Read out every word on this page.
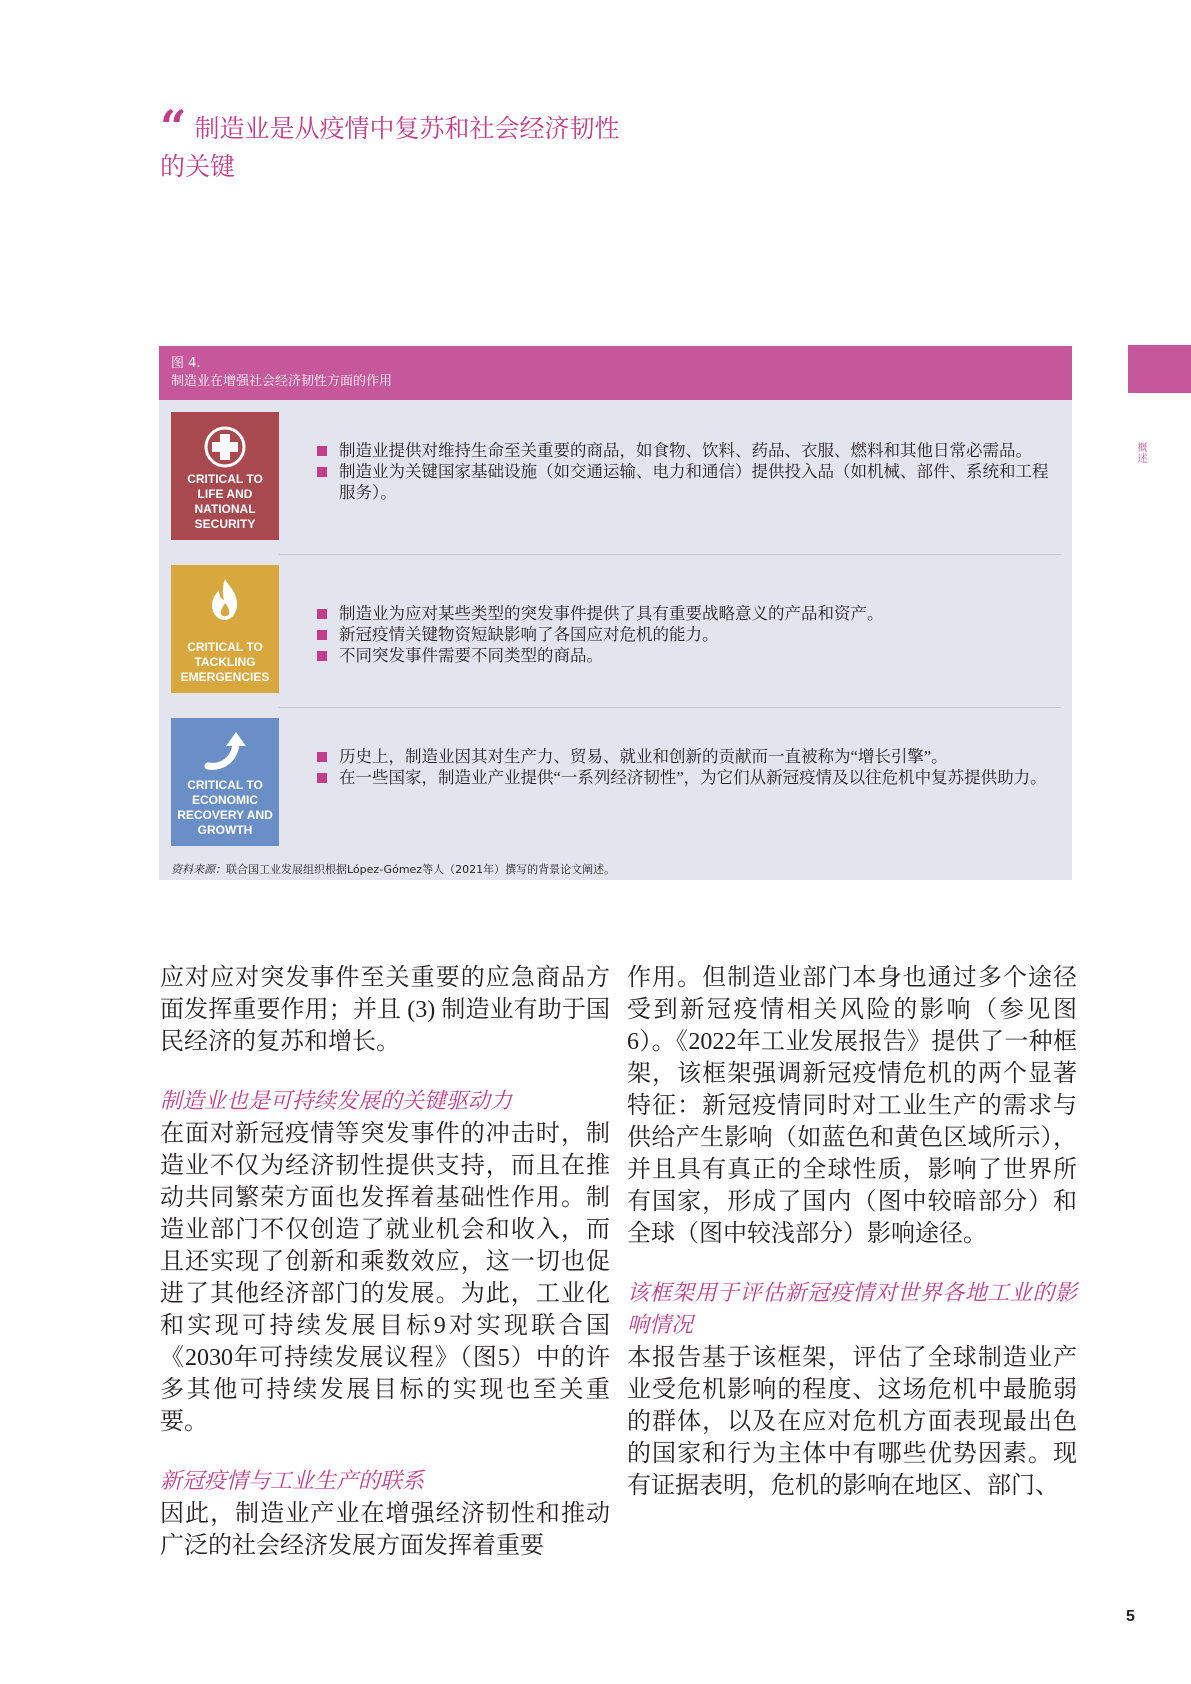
“ 制造业是从疫情中复苏和社会经济韧性的关键
概述
图 4.
制造业在增强社会经济韧性方面的作用
CRITICAL TO LIFE AND NATIONAL SECURITY
制造业提供对维持生命至关重要的商品，如食物、饮料、药品、衣服、燃料和其他日常必需品。
制造业为关键国家基础设施（如交通运输、电力和通信）提供投入品（如机械、部件、系统和工程服务）。
CRITICAL TO TACKLING EMERGENCIES
制造业为应对某些类型的突发事件提供了具有重要战略意义的产品和资产。
新冠疫情关键物资短缺影响了各国应对危机的能力。
不同突发事件需要不同类型的商品。
CRITICAL TO ECONOMIC RECOVERY AND GROWTH
历史上，制造业因其对生产力、贸易、就业和创新的贡献而一直被称为“增长引擎”。
在一些国家，制造业产业提供“一系列经济韧性”，为它们从新冠疫情及以往危机中复苏提供助力。
资料来源：联合国工业发展组织根据López-Gómez等人（2021年）撰写的背景论文阐述。

应对应对突发事件至关重要的应急商品方面发挥重要作用；并且 (3) 制造业有助于国民经济的复苏和增长。

制造业也是可持续发展的关键驱动力

在面对新冠疫情等突发事件的冲击时，制造业不仅为经济韧性提供支持，而且在推动共同繁荣方面也发挥着基础性作用。制造业部门不仅创造了就业机会和收入，而且还实现了创新和乘数效应，这一切也促进了其他经济部门的发展。为此，工业化和实现可持续发展目标9对实现联合国《2030年可持续发展议程》（图5）中的许多其他可持续发展目标的实现也至关重要。

新冠疫情与工业生产的联系

因此，制造业产业在增强经济韧性和推动广泛的社会经济发展方面发挥着重要

作用。但制造业部门本身也通过多个途径受到新冠疫情相关风险的影响（参见图6）。《2022年工业发展报告》提供了一种框架，该框架强调新冠疫情危机的两个显著特征：新冠疫情同时对工业生产的需求与供给产生影响（如蓝色和黄色区域所示），并且具有真正的全球性质，影响了世界所有国家，形成了国内（图中较暗部分）和全球（图中较浅部分）影响途径。

该框架用于评估新冠疫情对世界各地工业的影响情况

本报告基于该框架，评估了全球制造业产业受危机影响的程度、这场危机中最脆弱的群体，以及在应对危机方面表现最出色的国家和行为主体中有哪些优势因素。现有证据表明，危机的影响在地区、部门、

5
